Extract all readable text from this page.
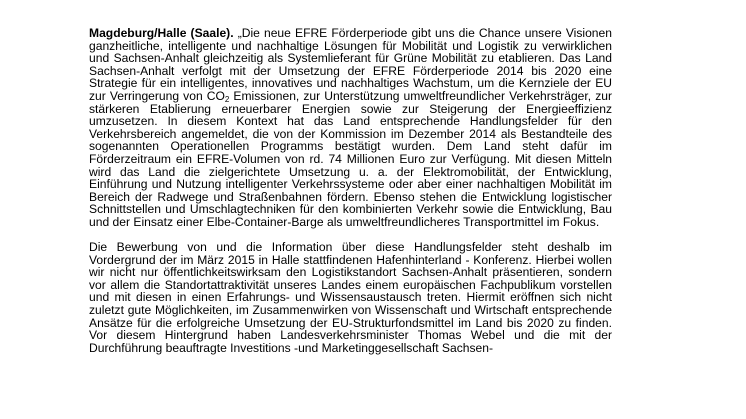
Magdeburg/Halle (Saale). „Die neue EFRE Förderperiode gibt uns die Chance unsere Visionen ganzheitliche, intelligente und nachhaltige Lösungen für Mobilität und Logistik zu verwirklichen und Sachsen-Anhalt gleichzeitig als Systemlieferant für Grüne Mobilität zu etablieren. Das Land Sachsen-Anhalt verfolgt mit der Umsetzung der EFRE Förderperiode 2014 bis 2020 eine Strategie für ein intelligentes, innovatives und nachhaltiges Wachstum, um die Kernziele der EU zur Verringerung von $CO_2$ Emissionen, zur Unterstützung umweltfreundlicher Verkehrsträger, zur stärkeren Etablierung erneuerbarer Energien sowie zur Steigerung der Energieeffizienz umzusetzen. In diesem Kontext hat das Land entsprechende Handlungsfelder für den Verkehrsbereich angemeldet, die von der Kommission im Dezember 2014 als Bestandteile des sogenannten Operationellen Programms bestätigt wurden. Dem Land steht dafür im Förderzeitraum ein EFRE-Volumen von rd. 74 Millionen Euro zur Verfügung. Mit diesen Mitteln wird das Land die zielgerichtete Umsetzung u. a. der Elektromobilität, der Entwicklung, Einführung und Nutzung intelligenter Verkehrssysteme oder aber einer nachhaltigen Mobilität im Bereich der Radwege und Straßenbahnen fördern. Ebenso stehen die Entwicklung logistischer Schnittstellen und Umschlagtechniken für den kombinierten Verkehr sowie die Entwicklung, Bau und der Einsatz einer Elbe-Container-Barge als umweltfreundlicheres Transportmittel im Fokus.

Die Bewerbung von und die Information über diese Handlungsfelder steht deshalb im Vordergrund der im März 2015 in Halle stattfindenen Hafenhinterland - Konferenz. Hierbei wollen wir nicht nur öffentlichkeitswirksam den Logistikstandort Sachsen-Anhalt präsentieren, sondern vor allem die Standortattraktivität unseres Landes einem europäischen Fachpublikum vorstellen und mit diesen in einen Erfahrungs- und Wissensaustausch treten. Hiermit eröffnen sich nicht zuletzt gute Möglichkeiten, im Zusammenwirken von Wissenschaft und Wirtschaft entsprechende Ansätze für die erfolgreiche Umsetzung der EU-Strukturfondsmittel im Land bis 2020 zu finden. Vor diesem Hintergrund haben Landesverkehrsminister Thomas Webel und die mit der Durchführung beauftragte Investitions -und Marketinggesellschaft Sachsen-
